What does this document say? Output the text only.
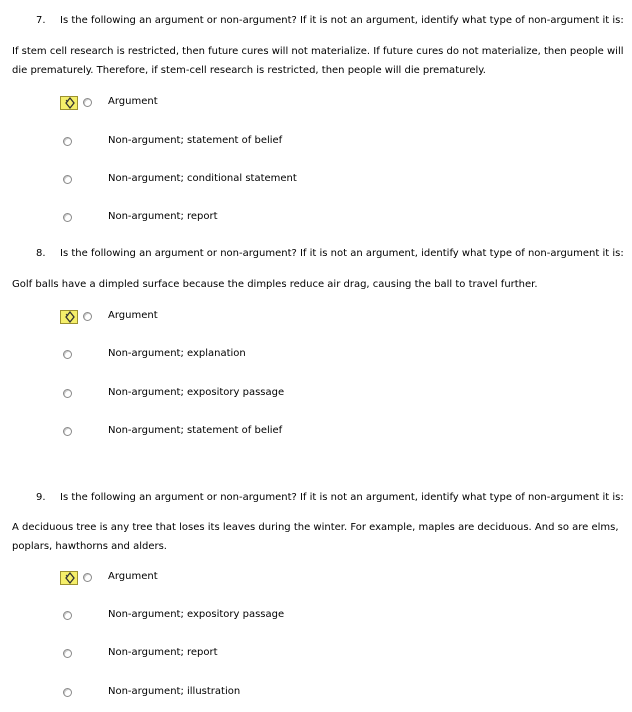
7. Is the following an argument or non-argument? If it is not an argument, identify what type of non-argument it is:
If stem cell research is restricted, then future cures will not materialize. If future cures do not materialize, then people will die prematurely. Therefore, if stem-cell research is restricted, then people will die prematurely.
Argument
Non-argument; statement of belief
Non-argument; conditional statement
Non-argument; report
8. Is the following an argument or non-argument? If it is not an argument, identify what type of non-argument it is:
Golf balls have a dimpled surface because the dimples reduce air drag, causing the ball to travel further.
Argument
Non-argument; explanation
Non-argument; expository passage
Non-argument; statement of belief
9. Is the following an argument or non-argument? If it is not an argument, identify what type of non-argument it is:
A deciduous tree is any tree that loses its leaves during the winter. For example, maples are deciduous. And so are elms, poplars, hawthorns and alders.
Argument
Non-argument; expository passage
Non-argument; report
Non-argument; illustration
